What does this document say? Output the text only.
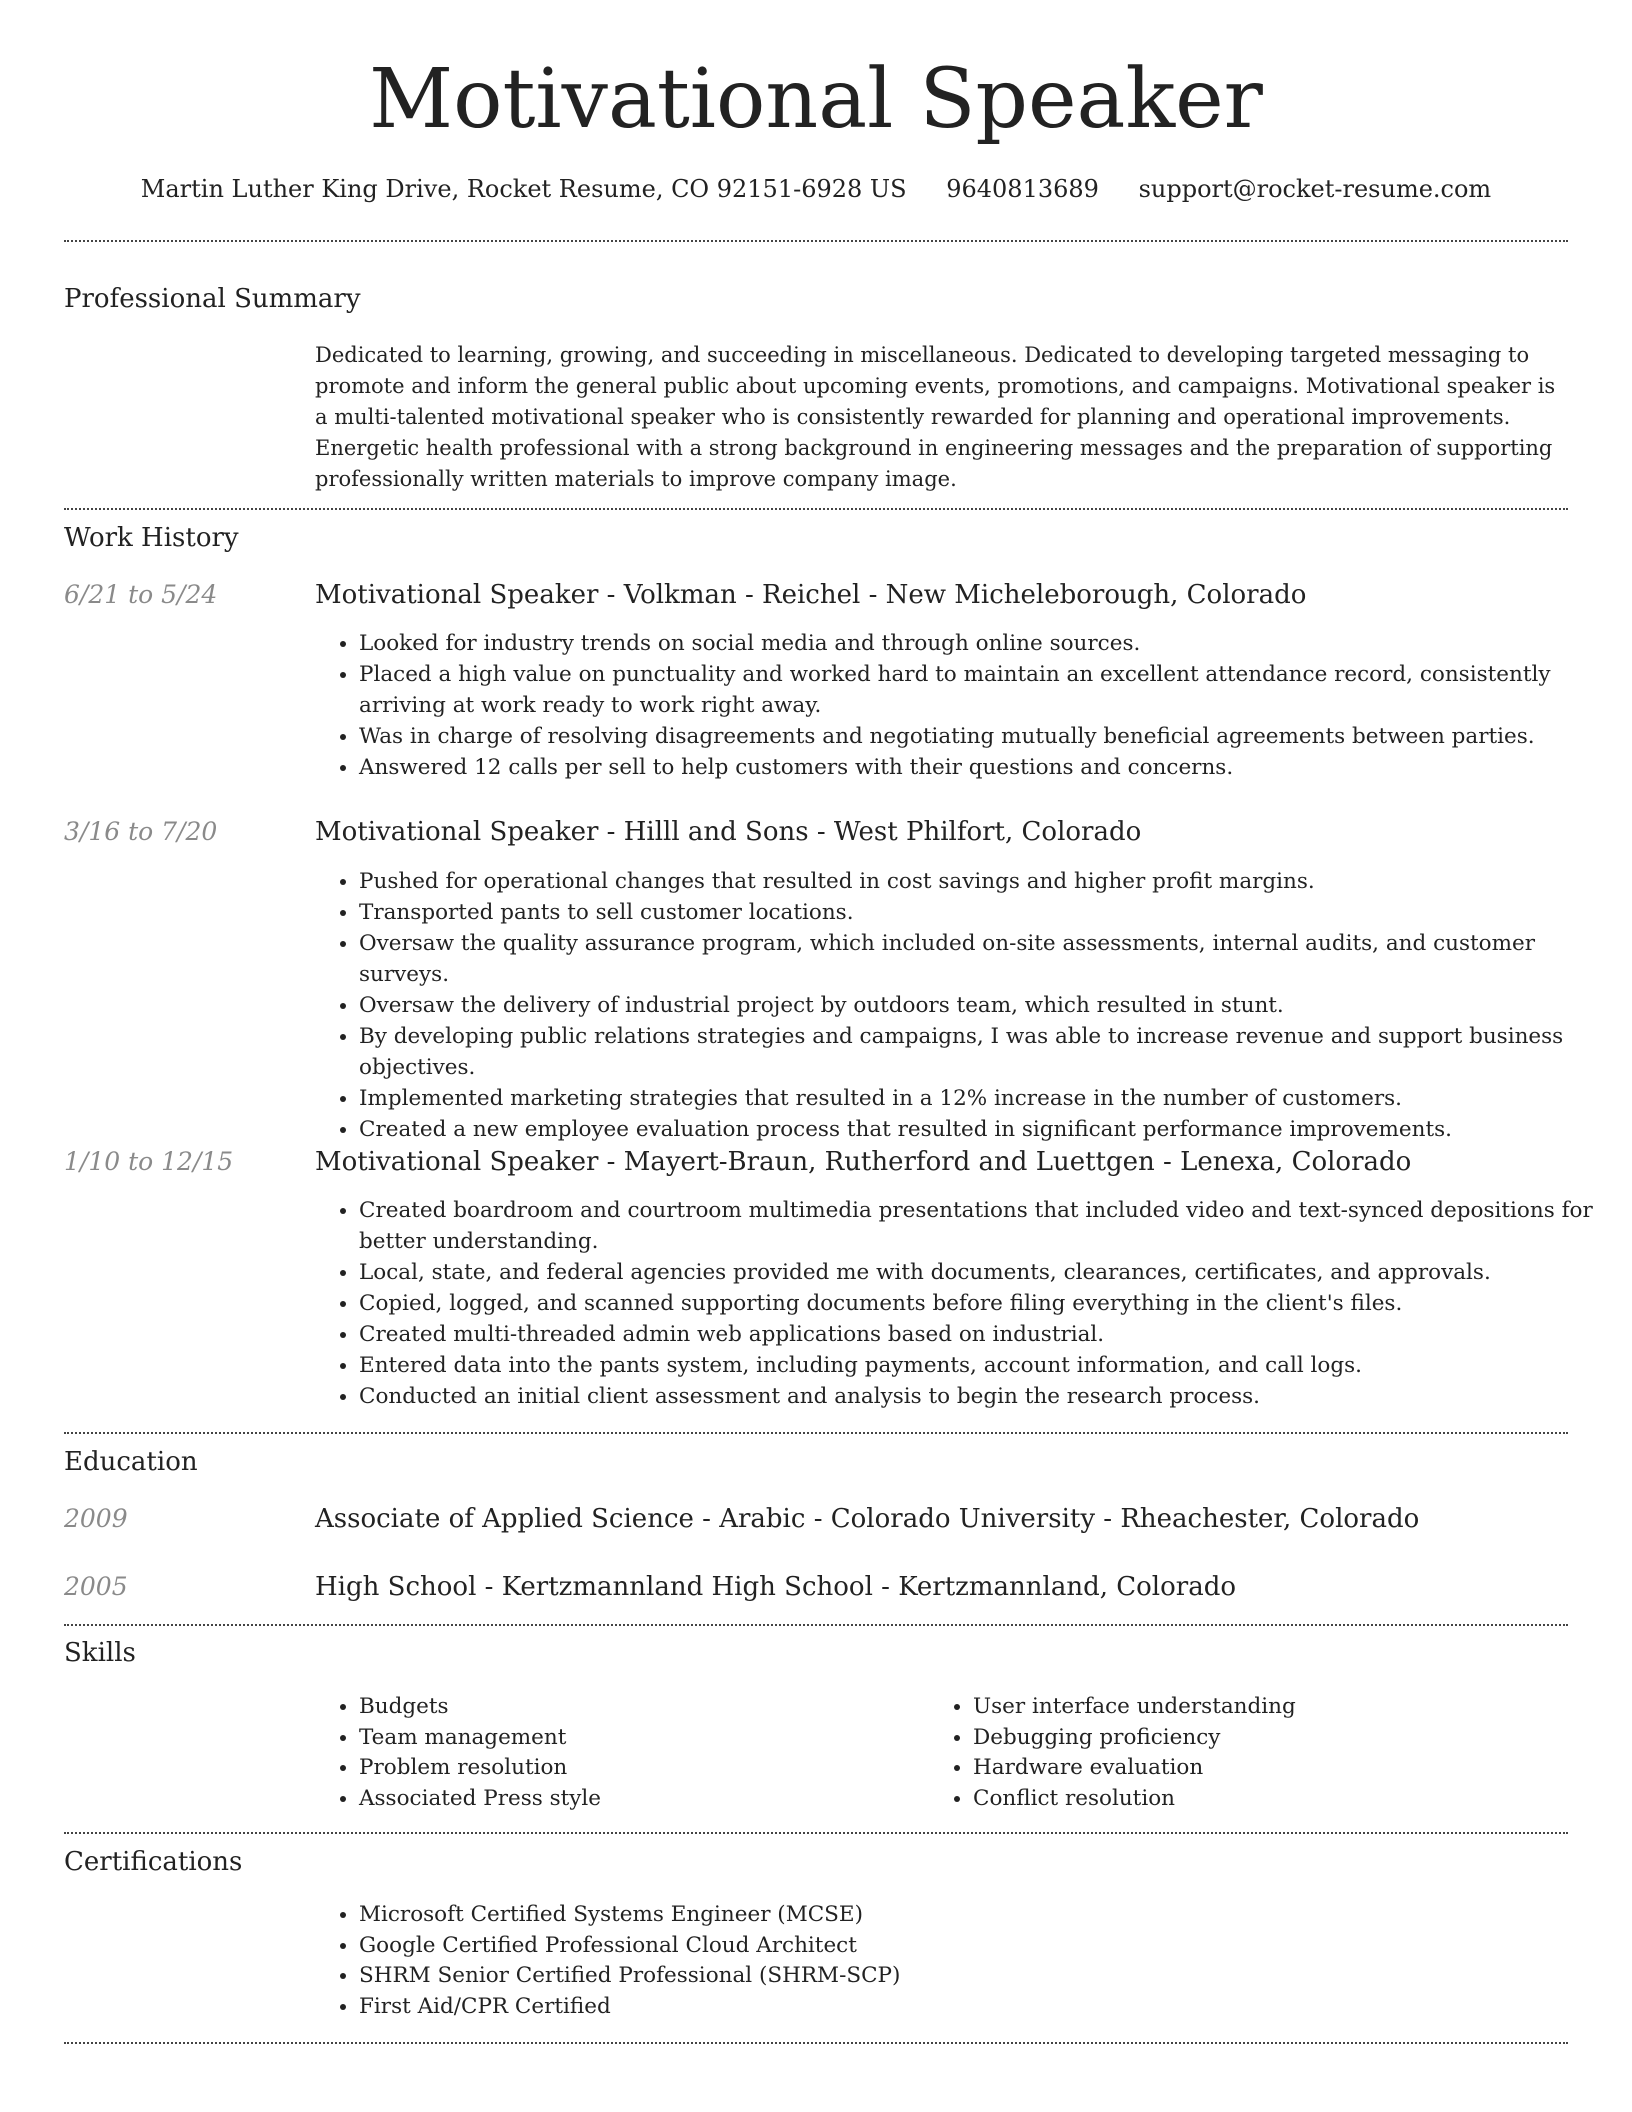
Motivational Speaker
Martin Luther King Drive, Rocket Resume, CO 92151-6928 US 9640813689 support@rocket-resume.com
Professional Summary

Dedicated to learning, growing, and succeeding in miscellaneous. Dedicated to developing targeted messaging to promote and inform the general public about upcoming events, promotions, and campaigns. Motivational speaker is a multi-talented motivational speaker who is consistently rewarded for planning and operational improvements. Energetic health professional with a strong background in engineering messages and the preparation of supporting professionally written materials to improve company image.

Work History
6/21 to 5/24	Motivational Speaker - Volkman - Reichel - New Micheleborough, Colorado
• Looked for industry trends on social media and through online sources.
• Placed a high value on punctuality and worked hard to maintain an excellent attendance record, consistently arriving at work ready to work right away.
• Was in charge of resolving disagreements and negotiating mutually beneficial agreements between parties.
• Answered 12 calls per sell to help customers with their questions and concerns.
3/16 to 7/20	Motivational Speaker - Hilll and Sons - West Philfort, Colorado
• Pushed for operational changes that resulted in cost savings and higher profit margins.
• Transported pants to sell customer locations.
• Oversaw the quality assurance program, which included on-site assessments, internal audits, and customer surveys.
• Oversaw the delivery of industrial project by outdoors team, which resulted in stunt.
• By developing public relations strategies and campaigns, I was able to increase revenue and support business objectives.
• Implemented marketing strategies that resulted in a 12% increase in the number of customers.
• Created a new employee evaluation process that resulted in significant performance improvements.
1/10 to 12/15	Motivational Speaker - Mayert-Braun, Rutherford and Luettgen - Lenexa, Colorado
• Created boardroom and courtroom multimedia presentations that included video and text-synced depositions for better understanding.
• Local, state, and federal agencies provided me with documents, clearances, certificates, and approvals.
• Copied, logged, and scanned supporting documents before filing everything in the client's files.
• Created multi-threaded admin web applications based on industrial.
• Entered data into the pants system, including payments, account information, and call logs.
• Conducted an initial client assessment and analysis to begin the research process.
Education
2009	Associate of Applied Science - Arabic - Colorado University - Rheachester, Colorado
2005	High School - Kertzmannland High School - Kertzmannland, Colorado
Skills
• Budgets
• Team management
• Problem resolution
• Associated Press style
• User interface understanding
• Debugging proficiency
• Hardware evaluation
• Conflict resolution
Certifications
• Microsoft Certified Systems Engineer (MCSE)
• Google Certified Professional Cloud Architect
• SHRM Senior Certified Professional (SHRM-SCP)
• First Aid/CPR Certified
